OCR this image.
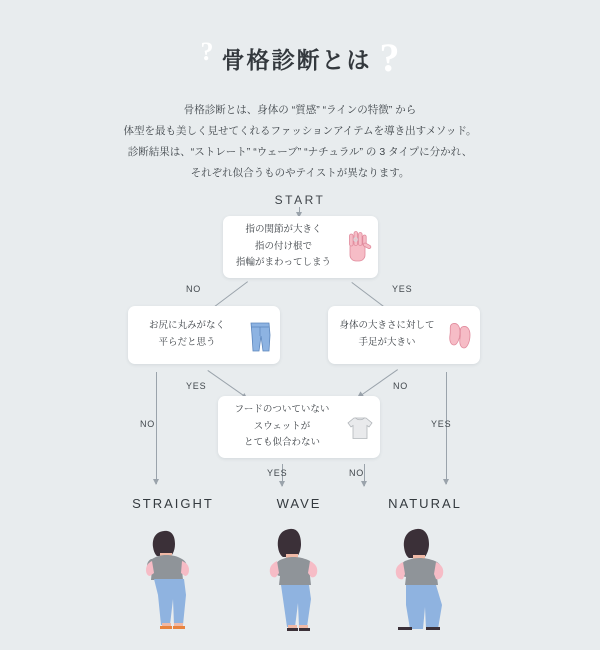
? 骨格診断とは ?
骨格診断とは、身体の “質感” “ラインの特徴” から
体型を最も美しく見せてくれるファッションアイテムを導き出すメソッド。
診断結果は、“ストレート” “ウェーブ” “ナチュラル” の 3 タイプに分かれ、
それぞれ似合うものやテイストが異なります。
START
指の関節が大きく
指の付け根で
指輪がまわってしまう
NO	YES
お尻に丸みがなく
平らだと思う
身体の大きさに対して
手足が大きい
YES
NO
NO
YES
フードのついていない
スウェットが
とても似合わない
YES	NO
STRAIGHT	WAVE	NATURAL
